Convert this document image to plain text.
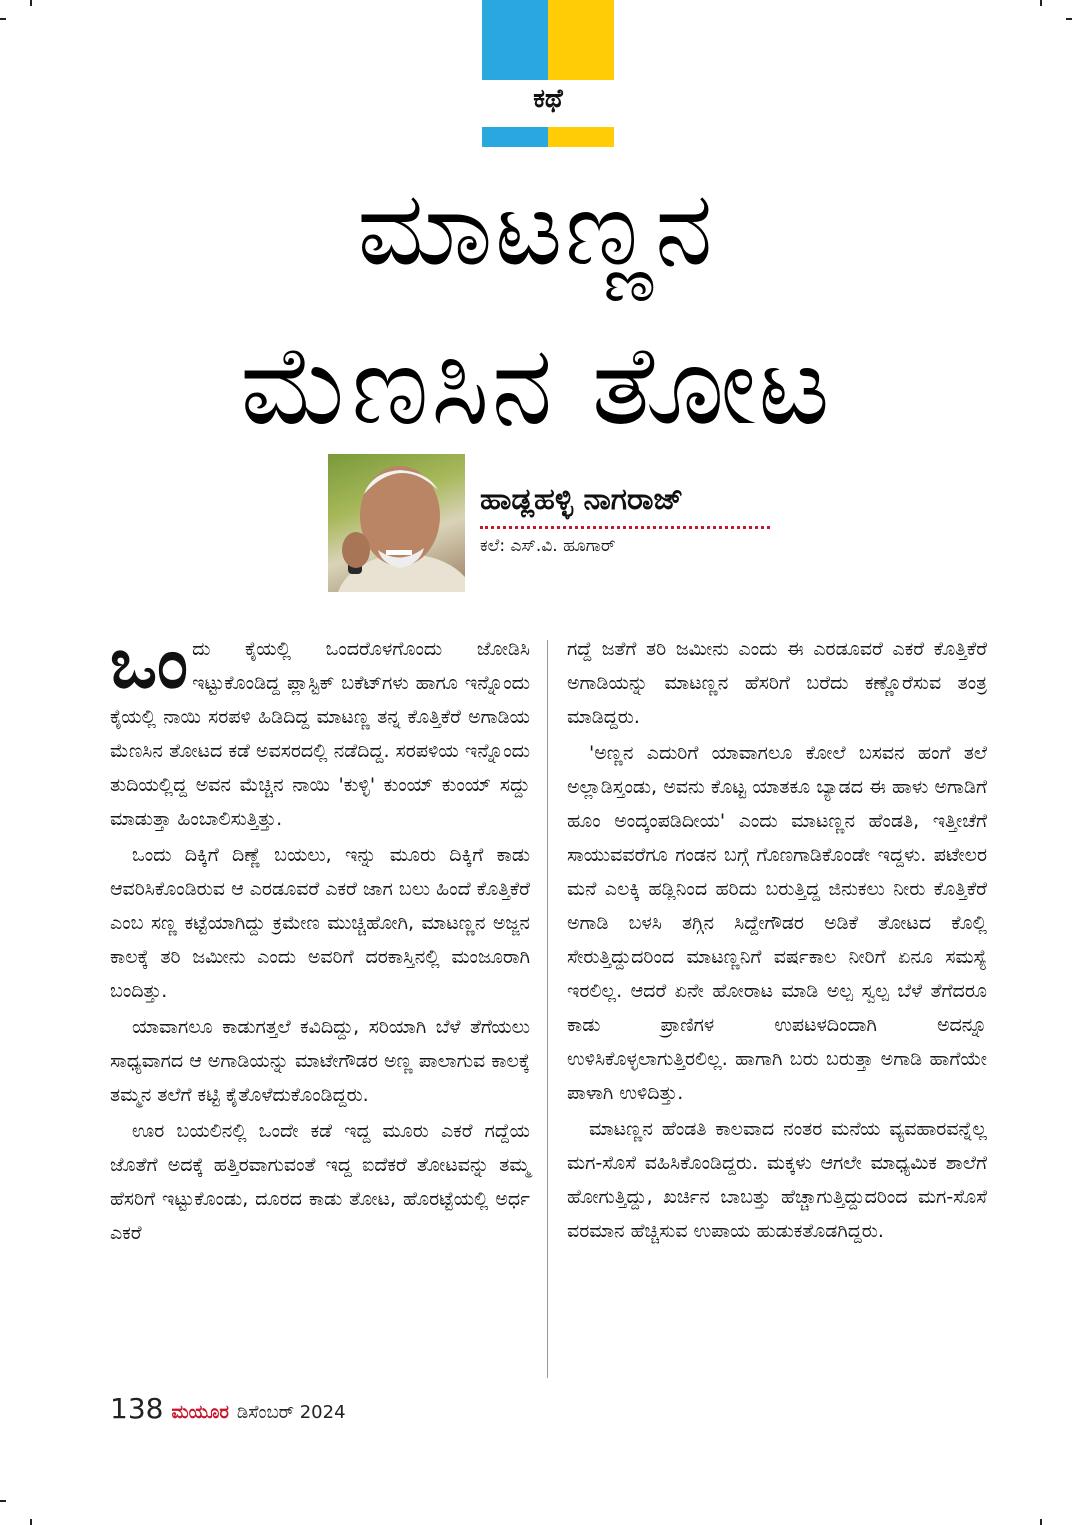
ಕಥೆ
ಮಾಟಣ್ಣನ
ಮೆಣಸಿನ ತೋಟ
ಹಾಡ್ಲಹಳ್ಳಿ ನಾಗರಾಜ್
ಕಲೆ: ಎಸ್.ವಿ. ಹೂಗಾರ್

ಒಂದು ಕೈಯಲ್ಲಿ ಒಂದರೊಳಗೊಂದು ಜೋಡಿಸಿ ಇಟ್ಟುಕೊಂಡಿದ್ದ ಪ್ಲಾಸ್ಟಿಕ್ ಬಕೆಟ್‌ಗಳು ಹಾಗೂ ಇನ್ನೊಂದು ಕೈಯಲ್ಲಿ ನಾಯಿ ಸರಪಳಿ ಹಿಡಿದಿದ್ದ ಮಾಟಣ್ಣ ತನ್ನ ಕೊತ್ತಿಕೆರೆ ಅಗಾಡಿಯ ಮೆಣಸಿನ ತೋಟದ ಕಡೆ ಅವಸರದಲ್ಲಿ ನಡೆದಿದ್ದ. ಸರಪಳಿಯ ಇನ್ನೊಂದು ತುದಿಯಲ್ಲಿದ್ದ ಅವನ ಮೆಚ್ಚಿನ ನಾಯಿ 'ಕುಳ್ಳಿ' ಕುಂಯ್ ಕುಂಯ್ ಸದ್ದು ಮಾಡುತ್ತಾ ಹಿಂಬಾಲಿಸುತ್ತಿತ್ತು.

ಒಂದು ದಿಕ್ಕಿಗೆ ದಿಣ್ಣೆ ಬಯಲು, ಇನ್ನು ಮೂರು ದಿಕ್ಕಿಗೆ ಕಾಡು ಆವರಿಸಿಕೊಂಡಿರುವ ಆ ಎರಡೂವರೆ ಎಕರೆ ಜಾಗ ಬಲು ಹಿಂದೆ ಕೊತ್ತಿಕೆರೆ ಎಂಬ ಸಣ್ಣ ಕಟ್ಟೆಯಾಗಿದ್ದು ಕ್ರಮೇಣ ಮುಚ್ಚಿಹೋಗಿ, ಮಾಟಣ್ಣನ ಅಜ್ಜನ ಕಾಲಕ್ಕೆ ತರಿ ಜಮೀನು ಎಂದು ಅವರಿಗೆ ದರಕಾಸ್ತಿನಲ್ಲಿ ಮಂಜೂರಾಗಿ ಬಂದಿತ್ತು.

ಯಾವಾಗಲೂ ಕಾಡುಗತ್ತಲೆ ಕವಿದಿದ್ದು, ಸರಿಯಾಗಿ ಬೆಳೆ ತೆಗೆಯಲು ಸಾಧ್ಯವಾಗದ ಆ ಅಗಾಡಿಯನ್ನು ಮಾಟೇಗೌಡರ ಅಣ್ಣ ಪಾಲಾಗುವ ಕಾಲಕ್ಕೆ ತಮ್ಮನ ತಲೆಗೆ ಕಟ್ಟಿ ಕೈತೊಳೆದುಕೊಂಡಿದ್ದರು.

ಊರ ಬಯಲಿನಲ್ಲಿ ಒಂದೇ ಕಡೆ ಇದ್ದ ಮೂರು ಎಕರೆ ಗದ್ದೆಯ ಜೊತೆಗೆ ಅದಕ್ಕೆ ಹತ್ತಿರವಾಗುವಂತೆ ಇದ್ದ ಐದೆಕರೆ ತೋಟವನ್ನು ತಮ್ಮ ಹೆಸರಿಗೆ ಇಟ್ಟುಕೊಂಡು, ದೂರದ ಕಾಡು ತೋಟ, ಹೊರಟ್ಟೆಯಲ್ಲಿ ಅರ್ಧ ಎಕರೆ

ಗದ್ದೆ ಜತೆಗೆ ತರಿ ಜಮೀನು ಎಂದು ಈ ಎರಡೂವರೆ ಎಕರೆ ಕೊತ್ತಿಕೆರೆ ಅಗಾಡಿಯನ್ನು ಮಾಟಣ್ಣನ ಹೆಸರಿಗೆ ಬರೆದು ಕಣ್ಣೊರೆಸುವ ತಂತ್ರ ಮಾಡಿದ್ದರು.

'ಅಣ್ಣನ ಎದುರಿಗೆ ಯಾವಾಗಲೂ ಕೋಲೆ ಬಸವನ ಹಂಗೆ ತಲೆ ಅಲ್ಲಾಡಿಸ್ತಂಡು, ಅವನು ಕೊಟ್ಟ ಯಾತಕೂ ಬ್ಯಾಡದ ಈ ಹಾಳು ಅಗಾಡಿಗೆ ಹೂಂ ಅಂದ್ಕಂಪಡಿದೀಯ' ಎಂದು ಮಾಟಣ್ಣನ ಹೆಂಡತಿ, ಇತ್ತೀಚೆಗೆ ಸಾಯುವವರೆಗೂ ಗಂಡನ ಬಗ್ಗೆ ಗೊಣಗಾಡಿಕೊಂಡೇ ಇದ್ದಳು. ಪಟೇಲರ ಮನೆ ಎಲಕ್ಕಿ ಹಡ್ಲಿನಿಂದ ಹರಿದು ಬರುತ್ತಿದ್ದ ಜಿನುಕಲು ನೀರು ಕೊತ್ತಿಕೆರೆ ಅಗಾಡಿ ಬಳಸಿ ತಗ್ಗಿನ ಸಿದ್ದೇಗೌಡರ ಅಡಿಕೆ ತೋಟದ ಕೊಲ್ಲಿ ಸೇರುತ್ತಿದ್ದುದರಿಂದ ಮಾಟಣ್ಣನಿಗೆ ವರ್ಷಕಾಲ ನೀರಿಗೆ ಏನೂ ಸಮಸ್ಯೆ ಇರಲಿಲ್ಲ. ಆದರೆ ಏನೇ ಹೋರಾಟ ಮಾಡಿ ಅಲ್ಪ ಸ್ವಲ್ಪ ಬೆಳೆ ತೆಗೆದರೂ ಕಾಡು ಪ್ರಾಣಿಗಳ ಉಪಟಳದಿಂದಾಗಿ ಅದನ್ನೂ ಉಳಿಸಿಕೊಳ್ಳಲಾಗುತ್ತಿರಲಿಲ್ಲ. ಹಾಗಾಗಿ ಬರು ಬರುತ್ತಾ ಅಗಾಡಿ ಹಾಗೆಯೇ ಪಾಳಾಗಿ ಉಳಿದಿತ್ತು.

ಮಾಟಣ್ಣನ ಹೆಂಡತಿ ಕಾಲವಾದ ನಂತರ ಮನೆಯ ವ್ಯವಹಾರವನ್ನೆಲ್ಲ ಮಗ-ಸೊಸೆ ವಹಿಸಿಕೊಂಡಿದ್ದರು. ಮಕ್ಕಳು ಆಗಲೇ ಮಾಧ್ಯಮಿಕ ಶಾಲೆಗೆ ಹೋಗುತ್ತಿದ್ದು, ಖರ್ಚಿನ ಬಾಬತ್ತು ಹೆಚ್ಚಾಗುತ್ತಿದ್ದುದರಿಂದ ಮಗ-ಸೊಸೆ ವರಮಾನ ಹೆಚ್ಚಿಸುವ ಉಪಾಯ ಹುಡುಕತೊಡಗಿದ್ದರು.

138 ಮಯೂರ ಡಿಸೆಂಬರ್ 2024
